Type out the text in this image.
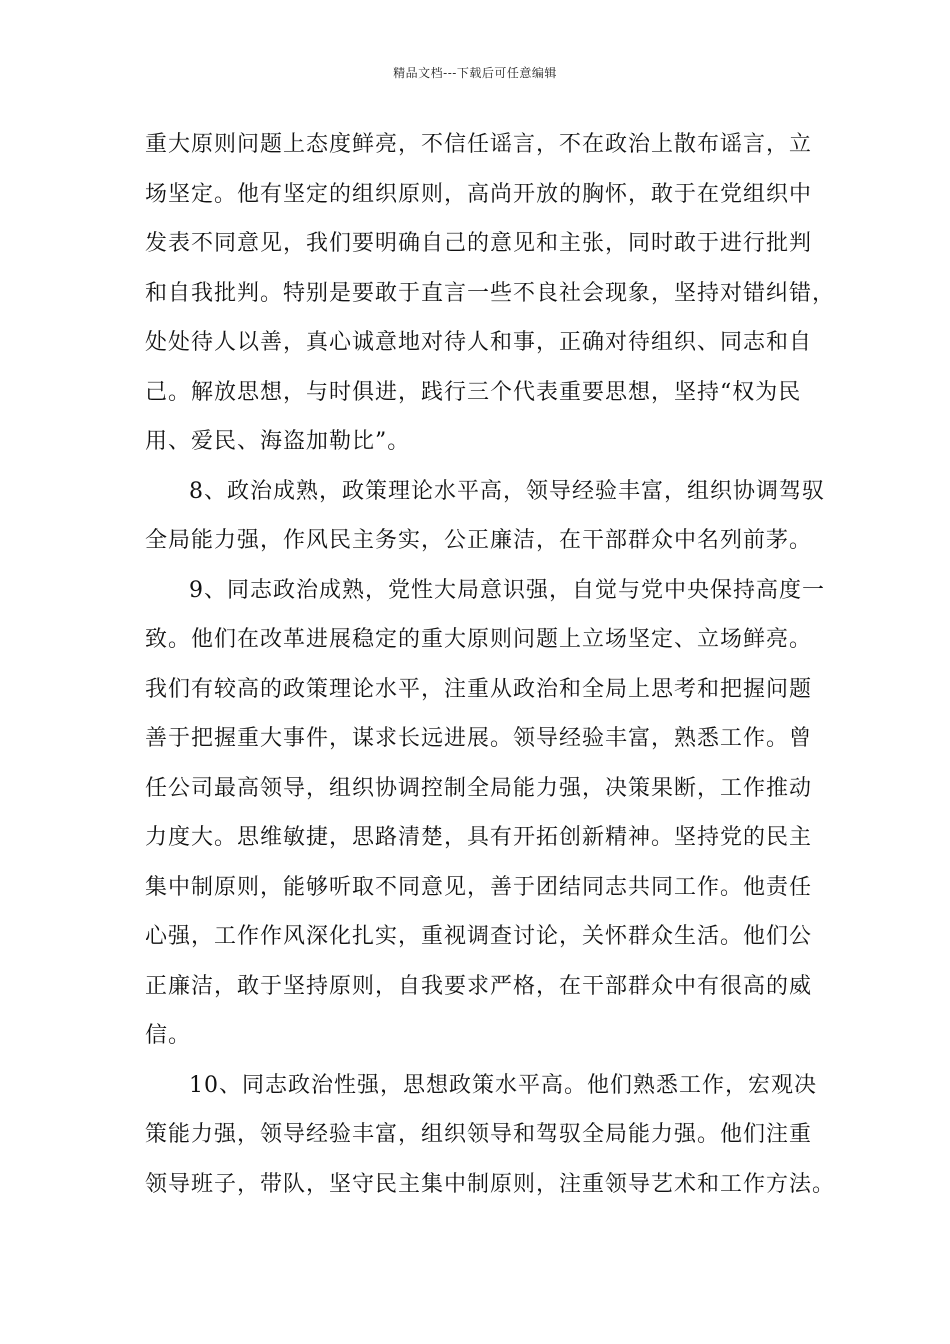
精品文档---下载后可任意编辑
重大原则问题上态度鲜亮，不信任谣言，不在政治上散布谣言，立
场坚定。他有坚定的组织原则，高尚开放的胸怀，敢于在党组织中
发表不同意见，我们要明确自己的意见和主张，同时敢于进行批判
和自我批判。特别是要敢于直言一些不良社会现象，坚持对错纠错，
处处待人以善，真心诚意地对待人和事，正确对待组织、同志和自
己。解放思想，与时俱进，践行三个代表重要思想，坚持“权为民
用、爱民、海盗加勒比”。
8、政治成熟，政策理论水平高，领导经验丰富，组织协调驾驭
全局能力强，作风民主务实，公正廉洁，在干部群众中名列前茅。
9、同志政治成熟，党性大局意识强，自觉与党中央保持高度一
致。他们在改革进展稳定的重大原则问题上立场坚定、立场鲜亮。
我们有较高的政策理论水平，注重从政治和全局上思考和把握问题
善于把握重大事件，谋求长远进展。领导经验丰富，熟悉工作。曾
任公司最高领导，组织协调控制全局能力强，决策果断，工作推动
力度大。思维敏捷，思路清楚，具有开拓创新精神。坚持党的民主
集中制原则，能够听取不同意见，善于团结同志共同工作。他责任
心强，工作作风深化扎实，重视调查讨论，关怀群众生活。他们公
正廉洁，敢于坚持原则，自我要求严格，在干部群众中有很高的威
信。
10、同志政治性强，思想政策水平高。他们熟悉工作，宏观决
策能力强，领导经验丰富，组织领导和驾驭全局能力强。他们注重
领导班子，带队，坚守民主集中制原则，注重领导艺术和工作方法。
